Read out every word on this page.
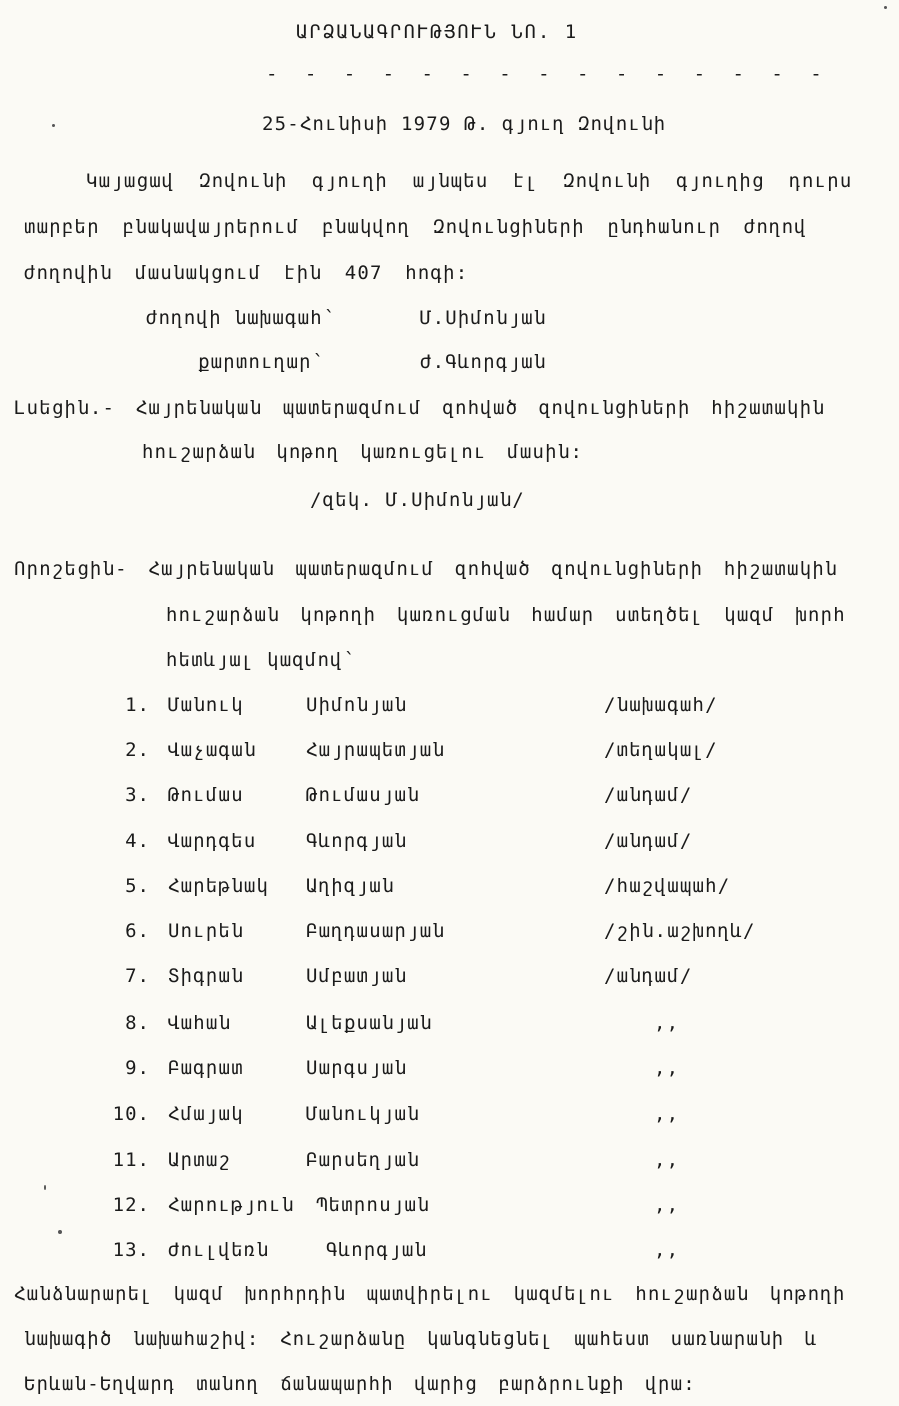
ԱՐՁԱՆԱԳՐՈՒԹՅՈՒՆ ՆՈ. 1
- - - - - - - - - - - - - - -
25-Հունիսի 1979 Թ. գյուղ Զովունի
Կայացավ Զովունի գյուղի այնպես էլ Զովունի գյուղից դուրս
տարբեր բնակավայրերում բնակվող Զովունցիների ընդհանուր ժողով
ժողովին մասնակցում էին 407 հոգի:
ժողովի նախագահ՝	Մ.Սիմոնյան
քարտուղար՝	Ժ.Գևորգյան
Լսեցին.- Հայրենական պատերազմում զոհված զովունցիների հիշատակին
հուշարձան կոթող կառուցելու մասին:
/զեկ. Մ.Սիմոնյան/
Որոշեցին- Հայրենական պատերազմում զոհված զովունցիների հիշատակին
հուշարձան կոթողի կառուցման համար ստեղծել կազմ խորհ
հետևյալ կազմով՝
1. Մանուկ	Սիմոնյան	/նախագահ/
2. Վաչագան	Հայրապետյան	/տեղակալ/
3. Թումաս	Թումասյան	/անդամ/
4. Վարդգես	Գևորգյան	/անդամ/
5. Հարեթնակ Աղիզյան	/հաշվապահ/
6. Սուրեն	Բաղդասարյան	/շին.աշխողև/
7. Տիգրան	Սմբատյան	/անդամ/
8. Վահան	Ալեքսանյան	,,
9. Բագրատ	Սարգսյան	,,
10. Հմայակ	Մանուկյան	,,
11. Արտաշ	Բարսեղյան	,,
12. Հարություն Պետրոսյան	,,
13. Ժուլվեռն	Գևորգյան	,,
Հանձնարարել կազմ խորհրդին պատվիրելու կազմելու հուշարձան կոթողի
նախագիծ նախահաշիվ: Հուշարձանը կանգնեցնել պահեստ սառնարանի և
Երևան-Եղվարդ տանող ճանապարհի վարից բարձրունքի վրա:
